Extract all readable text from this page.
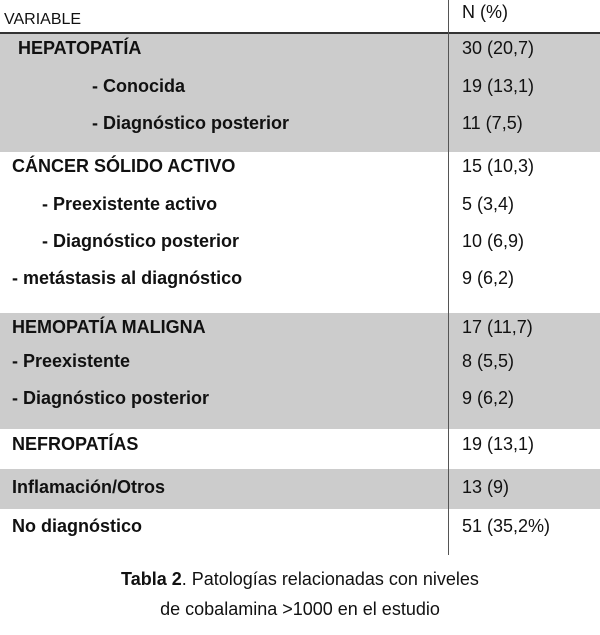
VARIABLE	N (%)
HEPATOPATÍA	30 (20,7)
- Conocida	19 (13,1)
- Diagnóstico posterior	11 (7,5)
CÁNCER SÓLIDO ACTIVO	15 (10,3)
- Preexistente activo	5 (3,4)
- Diagnóstico posterior	10 (6,9)
- metástasis al diagnóstico	9 (6,2)
HEMOPATÍA MALIGNA	17 (11,7)
- Preexistente	8 (5,5)
- Diagnóstico posterior	9 (6,2)
NEFROPATÍAS	19 (13,1)
Inflamación/Otros	13 (9)
No diagnóstico	51 (35,2%)
Tabla 2. Patologías relacionadas con niveles
de cobalamina >1000 en el estudio
